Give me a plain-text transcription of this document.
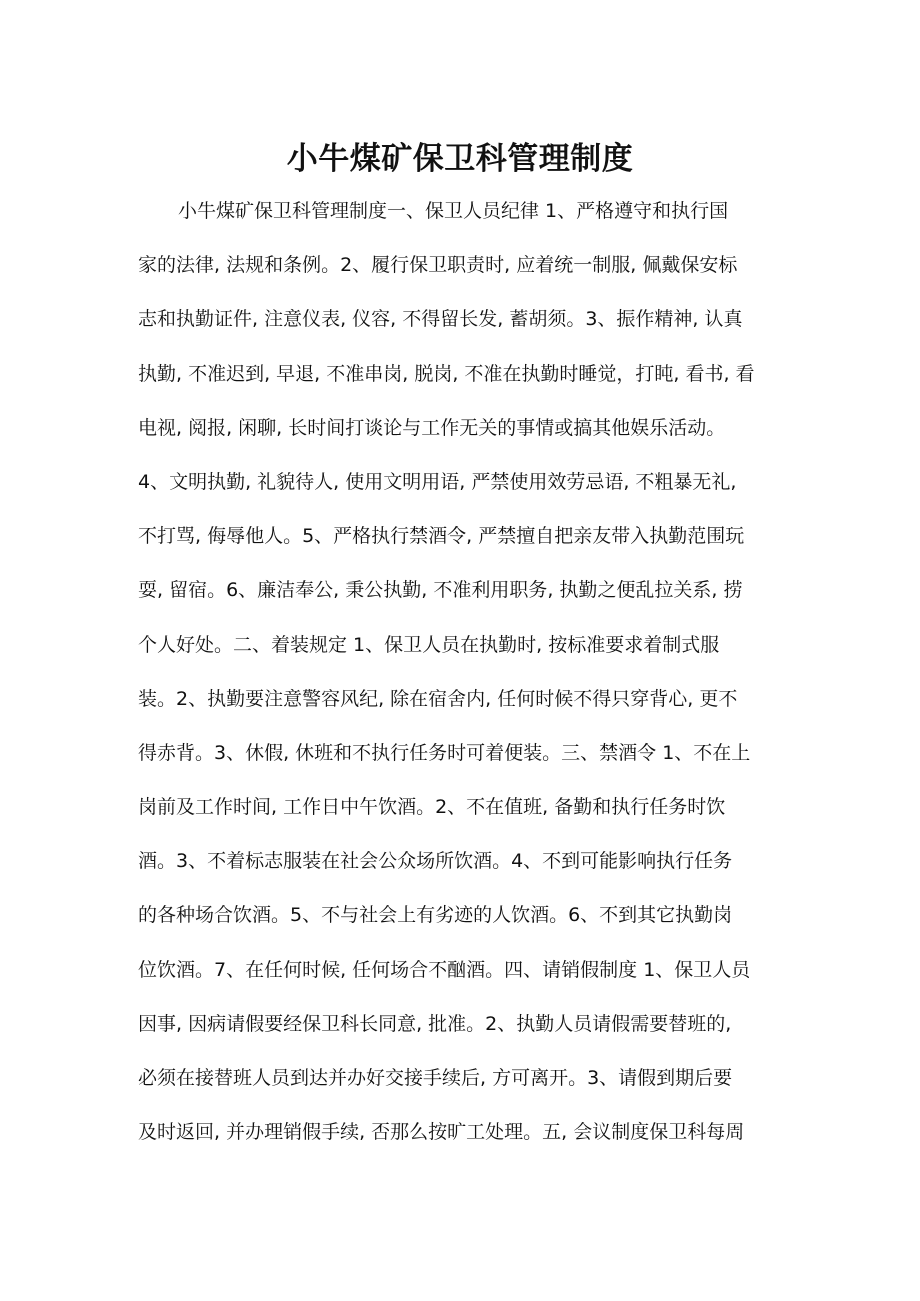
小牛煤矿保卫科管理制度
小牛煤矿保卫科管理制度一、保卫人员纪律 1、严格遵守和执行国
家的法律, 法规和条例。2、履行保卫职责时, 应着统一制服, 佩戴保安标
志和执勤证件, 注意仪表, 仪容, 不得留长发, 蓄胡须。3、振作精神, 认真
执勤, 不准迟到, 早退, 不准串岗, 脱岗, 不准在执勤时睡觉，打盹, 看书, 看
电视, 阅报, 闲聊, 长时间打谈论与工作无关的事情或搞其他娱乐活动。
4、文明执勤, 礼貌待人, 使用文明用语, 严禁使用效劳忌语, 不粗暴无礼,
不打骂, 侮辱他人。5、严格执行禁酒令, 严禁擅自把亲友带入执勤范围玩
耍, 留宿。6、廉洁奉公, 秉公执勤, 不准利用职务, 执勤之便乱拉关系, 捞
个人好处。二、着装规定 1、保卫人员在执勤时, 按标准要求着制式服
装。2、执勤要注意警容风纪, 除在宿舍内, 任何时候不得只穿背心, 更不
得赤背。3、休假, 休班和不执行任务时可着便装。三、禁酒令 1、不在上
岗前及工作时间, 工作日中午饮酒。2、不在值班, 备勤和执行任务时饮
酒。3、不着标志服装在社会公众场所饮酒。4、不到可能影响执行任务
的各种场合饮酒。5、不与社会上有劣迹的人饮酒。6、不到其它执勤岗
位饮酒。7、在任何时候, 任何场合不酗酒。四、请销假制度 1、保卫人员
因事, 因病请假要经保卫科长同意, 批准。2、执勤人员请假需要替班的,
必须在接替班人员到达并办好交接手续后, 方可离开。3、请假到期后要
及时返回, 并办理销假手续, 否那么按旷工处理。五, 会议制度保卫科每周
